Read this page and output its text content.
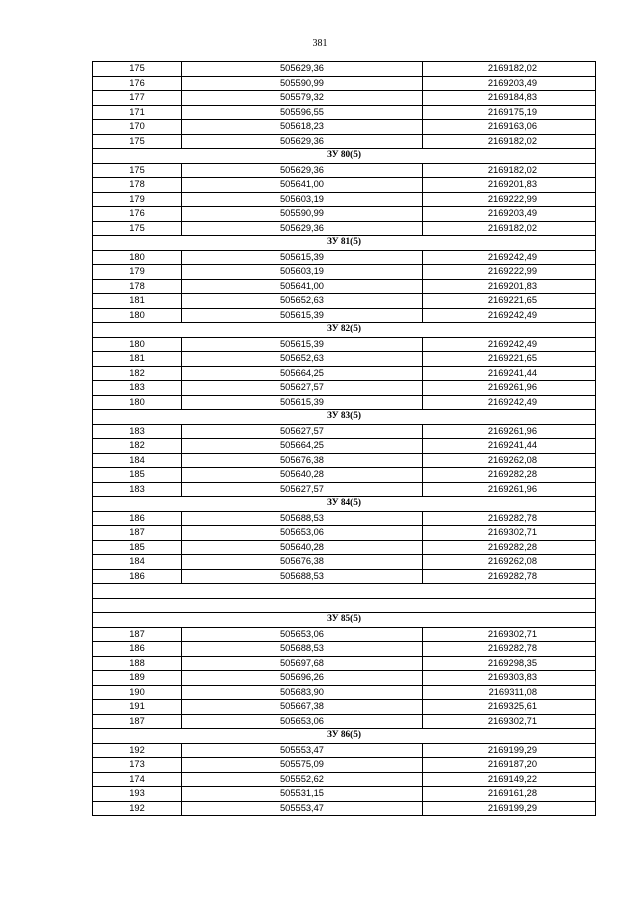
381
175	505629,36	2169182,02
176	505590,99	2169203,49
177	505579,32	2169184,83
171	505596,55	2169175,19
170	505618,23	2169163,06
175	505629,36	2169182,02
ЗУ 80(5)		
175	505629,36	2169182,02
178	505641,00	2169201,83
179	505603,19	2169222,99
176	505590,99	2169203,49
175	505629,36	2169182,02
ЗУ 81(5)		
180	505615,39	2169242,49
179	505603,19	2169222,99
178	505641,00	2169201,83
181	505652,63	2169221,65
180	505615,39	2169242,49
ЗУ 82(5)		
180	505615,39	2169242,49
181	505652,63	2169221,65
182	505664,25	2169241,44
183	505627,57	2169261,96
180	505615,39	2169242,49
ЗУ 83(5)		
183	505627,57	2169261,96
182	505664,25	2169241,44
184	505676,38	2169262,08
185	505640,28	2169282,28
183	505627,57	2169261,96
ЗУ 84(5)		
186	505688,53	2169282,78
187	505653,06	2169302,71
185	505640,28	2169282,28
184	505676,38	2169262,08
186	505688,53	2169282,78

ЗУ 85(5)		
187	505653,06	2169302,71
186	505688,53	2169282,78
188	505697,68	2169298,35
189	505696,26	2169303,83
190	505683,90	2169311,08
191	505667,38	2169325,61
187	505653,06	2169302,71
ЗУ 86(5)		
192	505553,47	2169199,29
173	505575,09	2169187,20
174	505552,62	2169149,22
193	505531,15	2169161,28
192	505553,47	2169199,29
